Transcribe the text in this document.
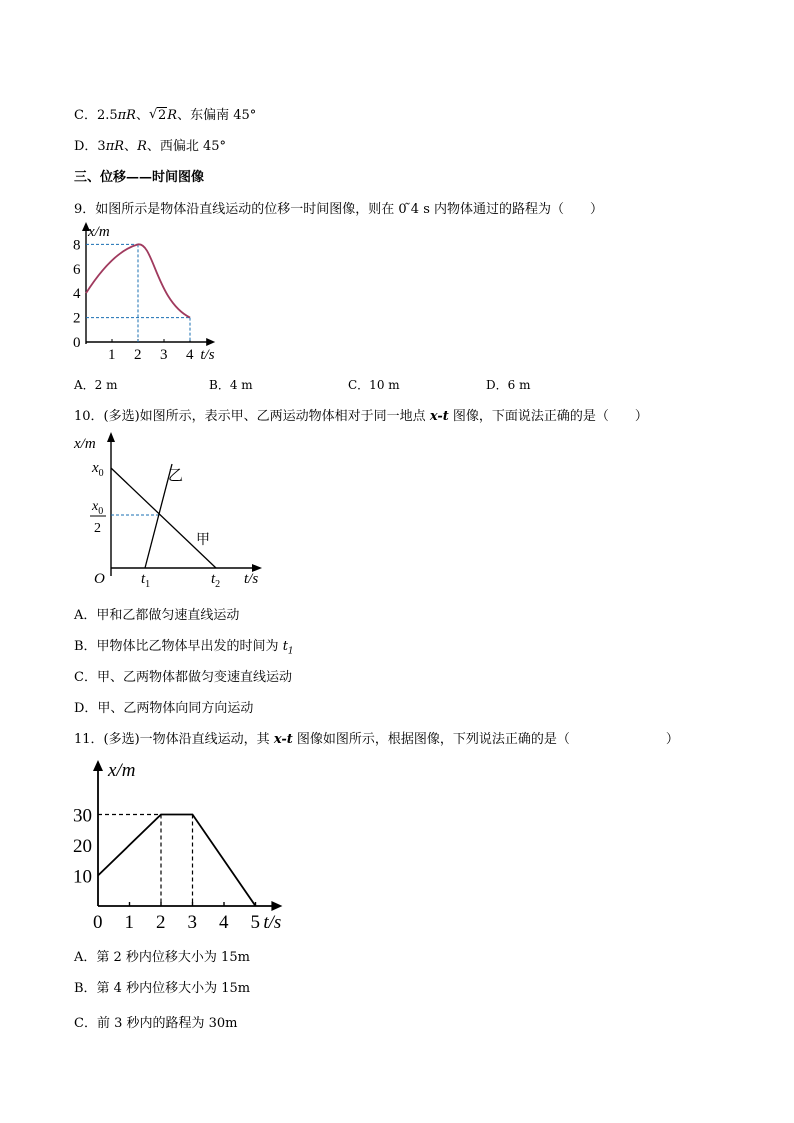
C．2.5πR、√ 2R、东偏南 45°
D．3πR、R、西偏北 45°
三、位移——时间图像
9．如图所示是物体沿直线运动的位移一时间图像，则在 0 ̃4 s 内物体通过的路程为（　　）
x/m
0
2
4
6
8
1 2 3 4 t/s
A．2 m	B．4 m	C．10 m	D．6 m
10．(多选)如图所示，表示甲、乙两运动物体相对于同一地点 x-t 图像，下面说法正确的是（　　）
x/m
$x_0$
$x_0$
2
O $t_1$	$t_2$ t/s
甲
乙
A．甲和乙都做匀速直线运动
B．甲物体比乙物体早出发的时间为 $t_1$
C．甲、乙两物体都做匀变速直线运动
D．甲、乙两物体向同方向运动
11．(多选)一物体沿直线运动，其 x-t 图像如图所示，根据图像，下列说法正确的是（	）
x/m
10
20
30
0 1 2 3 4 5 t/s
A．第 2 秒内位移大小为 15m
B．第 4 秒内位移大小为 15m
C．前 3 秒内的路程为 30m
